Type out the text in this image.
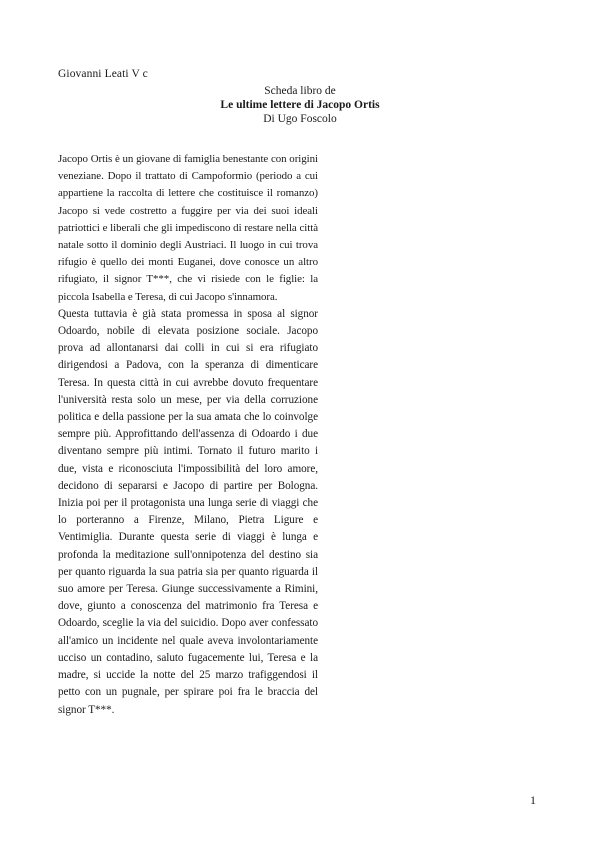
Giovanni Leati V c
Scheda libro de
Le ultime lettere di Jacopo Ortis
Di Ugo Foscolo

Jacopo Ortis è un giovane di famiglia benestante con origini veneziane. Dopo il trattato di Campoformio (periodo a cui appartiene la raccolta di lettere che costituisce il romanzo) Jacopo si vede costretto a fuggire per via dei suoi ideali patriottici e liberali che gli impediscono di restare nella città natale sotto il dominio degli Austriaci. Il luogo in cui trova rifugio è quello dei monti Euganei, dove conosce un altro rifugiato, il signor T***, che vi risiede con le figlie: la piccola Isabella e Teresa, di cui Jacopo s'innamora.

Questa tuttavia è già stata promessa in sposa al signor Odoardo, nobile di elevata posizione sociale. Jacopo prova ad allontanarsi dai colli in cui si era rifugiato dirigendosi a Padova, con la speranza di dimenticare Teresa. In questa città in cui avrebbe dovuto frequentare l'università resta solo un mese, per via della corruzione politica e della passione per la sua amata che lo coinvolge sempre più. Approfittando dell'assenza di Odoardo i due diventano sempre più intimi. Tornato il futuro marito i due, vista e riconosciuta l'impossibilità del loro amore, decidono di separarsi e Jacopo di partire per Bologna. Inizia poi per il protagonista una lunga serie di viaggi che lo porteranno a Firenze, Milano, Pietra Ligure e Ventimiglia. Durante questa serie di viaggi è lunga e profonda la meditazione sull'onnipotenza del destino sia per quanto riguarda la sua patria sia per quanto riguarda il suo amore per Teresa. Giunge successivamente a Rimini, dove, giunto a conoscenza del matrimonio fra Teresa e Odoardo, sceglie la via del suicidio. Dopo aver confessato all'amico un incidente nel quale aveva involontariamente ucciso un contadino, saluto fugacemente lui, Teresa e la madre, si uccide la notte del 25 marzo trafiggendosi il petto con un pugnale, per spirare poi fra le braccia del signor T***.

1
